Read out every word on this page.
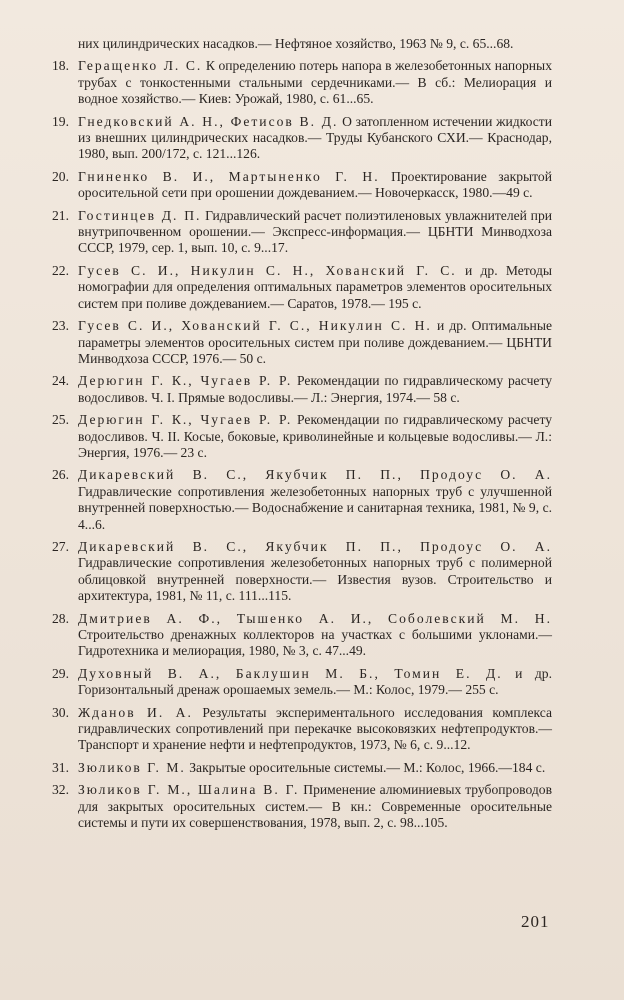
них цилиндрических насадков.— Нефтяное хозяйство, 1963 № 9, с. 65...68.
18. Геращенко Л. С. К определению потерь напора в железобетонных напорных трубах с тонкостенными стальными сердечниками.— В сб.: Мелиорация и водное хозяйство.— Киев: Урожай, 1980, с. 61...65.
19. Гнедковский А. Н., Фетисов В. Д. О затопленном истечении жидкости из внешних цилиндрических насадков.— Труды Кубанского СХИ.— Краснодар, 1980, вып. 200/172, с. 121...126.
20. Гниненко В. И., Мартыненко Г. Н. Проектирование закрытой оросительной сети при орошении дождеванием.— Новочеркасск, 1980.—49 с.
21. Гостинцев Д. П. Гидравлический расчет полиэтиленовых увлажнителей при внутрипочвенном орошении.— Экспресс-информация.— ЦБНТИ Минводхоза СССР, 1979, сер. 1, вып. 10, с. 9...17.
22. Гусев С. И., Никулин С. Н., Хованский Г. С. и др. Методы номографии для определения оптимальных параметров элементов оросительных систем при поливе дождеванием.— Саратов, 1978.— 195 с.
23. Гусев С. И., Хованский Г. С., Никулин С. Н. и др. Оптимальные параметры элементов оросительных систем при поливе дождеванием.— ЦБНТИ Минводхоза СССР, 1976.— 50 с.
24. Дерюгин Г. К., Чугаев Р. Р. Рекомендации по гидравлическому расчету водосливов. Ч. I. Прямые водосливы.— Л.: Энергия, 1974.— 58 с.
25. Дерюгин Г. К., Чугаев Р. Р. Рекомендации по гидравлическому расчету водосливов. Ч. II. Косые, боковые, криволинейные и кольцевые водосливы.— Л.: Энергия, 1976.— 23 с.
26. Дикаревский В. С., Якубчик П. П., Продоус О. А. Гидравлические сопротивления железобетонных напорных труб с улучшенной внутренней поверхностью.— Водоснабжение и санитарная техника, 1981, № 9, с. 4...6.
27. Дикаревский В. С., Якубчик П. П., Продоус О. А. Гидравлические сопротивления железобетонных напорных труб с полимерной облицовкой внутренней поверхности.— Известия вузов. Строительство и архитектура, 1981, № 11, с. 111...115.
28. Дмитриев А. Ф., Тышенко А. И., Соболевский М. Н. Строительство дренажных коллекторов на участках с большими уклонами.— Гидротехника и мелиорация, 1980, № 3, с. 47...49.
29. Духовный В. А., Баклушин М. Б., Томин Е. Д. и др. Горизонтальный дренаж орошаемых земель.— М.: Колос, 1979.— 255 с.
30. Жданов И. А. Результаты экспериментального исследования комплекса гидравлических сопротивлений при перекачке высоковязких нефтепродуктов.— Транспорт и хранение нефти и нефтепродуктов, 1973, № 6, с. 9...12.
31. Зюликов Г. М. Закрытые оросительные системы.— М.: Колос, 1966.—184 с.
32. Зюликов Г. М., Шалина В. Г. Применение алюминиевых трубопроводов для закрытых оросительных систем.— В кн.: Современные оросительные системы и пути их совершенствования, 1978, вып. 2, с. 98...105.
201
